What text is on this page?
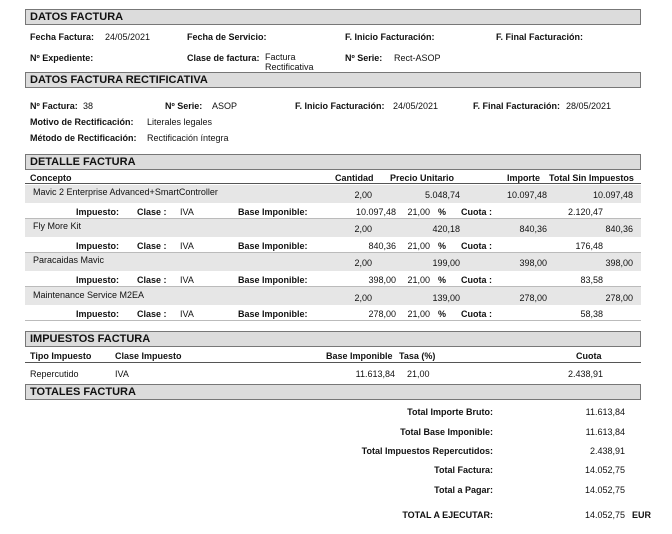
DATOS FACTURA
Fecha Factura: 24/05/2021	Fecha de Servicio:	F. Inicio Facturación:	F. Final Facturación:
Nº Expediente:	Clase de factura: Factura
Rectificativa
Nº Serie: Rect-ASOP
DATOS FACTURA RECTIFICATIVA
Nº Factura: 38	Nº Serie: ASOP	F. Inicio Facturación: 24/05/2021	F. Final Facturación: 28/05/2021
Motivo de Rectificación: Literales legales
Método de Rectificación: Rectificación íntegra
DETALLE FACTURA
Concepto	Cantidad Precio Unitario	Importe Total Sin Impuestos
Mavic 2 Enterprise Advanced+SmartController	2,00	5.048,74	10.097,48	10.097,48
Impuesto: Clase : IVA	Base Imponible:	10.097,48	21,00 % Cuota :	2.120,47
Fly More Kit	2,00	420,18	840,36	840,36
Impuesto: Clase : IVA	Base Imponible:	840,36	21,00 % Cuota :	176,48
Paracaidas Mavic	2,00	199,00	398,00	398,00
Impuesto: Clase : IVA	Base Imponible:	398,00	21,00 % Cuota :	83,58
Maintenance Service M2EA	2,00	139,00	278,00	278,00
Impuesto: Clase : IVA	Base Imponible:	278,00	21,00 % Cuota :	58,38
IMPUESTOS FACTURA
Tipo Impuesto	Clase Impuesto	Base Imponible Tasa (%)	Cuota
Repercutido	IVA	11.613,84 21,00	2.438,91
TOTALES FACTURA
Total Importe Bruto:	11.613,84
Total Base Imponible:	11.613,84
Total Impuestos Repercutidos:	2.438,91
Total Factura:	14.052,75
Total a Pagar:	14.052,75
TOTAL A EJECUTAR:	14.052,75 EUR
